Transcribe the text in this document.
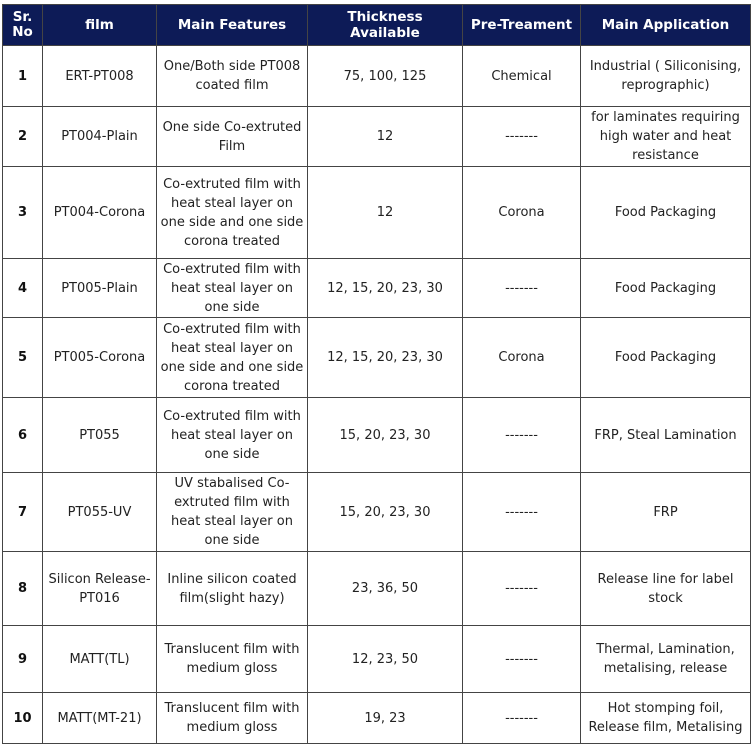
Sr. No	film	Main Features	Thickness Available	Pre-Treament	Main Application
1	ERT-PT008	One/Both side PT008 coated film	75, 100, 125	Chemical	Industrial ( Siliconising, reprographic)
2	PT004-Plain	One side Co-extruted Film	12	-------	for laminates requiring high water and heat resistance
3	PT004-Corona	Co-extruted film with heat steal layer on one side and one side corona treated	12	Corona	Food Packaging
4	PT005-Plain	Co-extruted film with heat steal layer on one side	12, 15, 20, 23, 30	-------	Food Packaging
5	PT005-Corona	Co-extruted film with heat steal layer on one side and one side corona treated	12, 15, 20, 23, 30	Corona	Food Packaging
6	PT055	Co-extruted film with heat steal layer on one side	15, 20, 23, 30	-------	FRP, Steal Lamination
7	PT055-UV	UV stabalised Co-extruted film with heat steal layer on one side	15, 20, 23, 30	-------	FRP
8	Silicon Release-PT016	Inline silicon coated film(slight hazy)	23, 36, 50	-------	Release line for label stock
9	MATT(TL)	Translucent film with medium gloss	12, 23, 50	-------	Thermal, Lamination, metalising, release
10	MATT(MT-21)	Translucent film with medium gloss	19, 23	-------	Hot stomping foil, Release film, Metalising
